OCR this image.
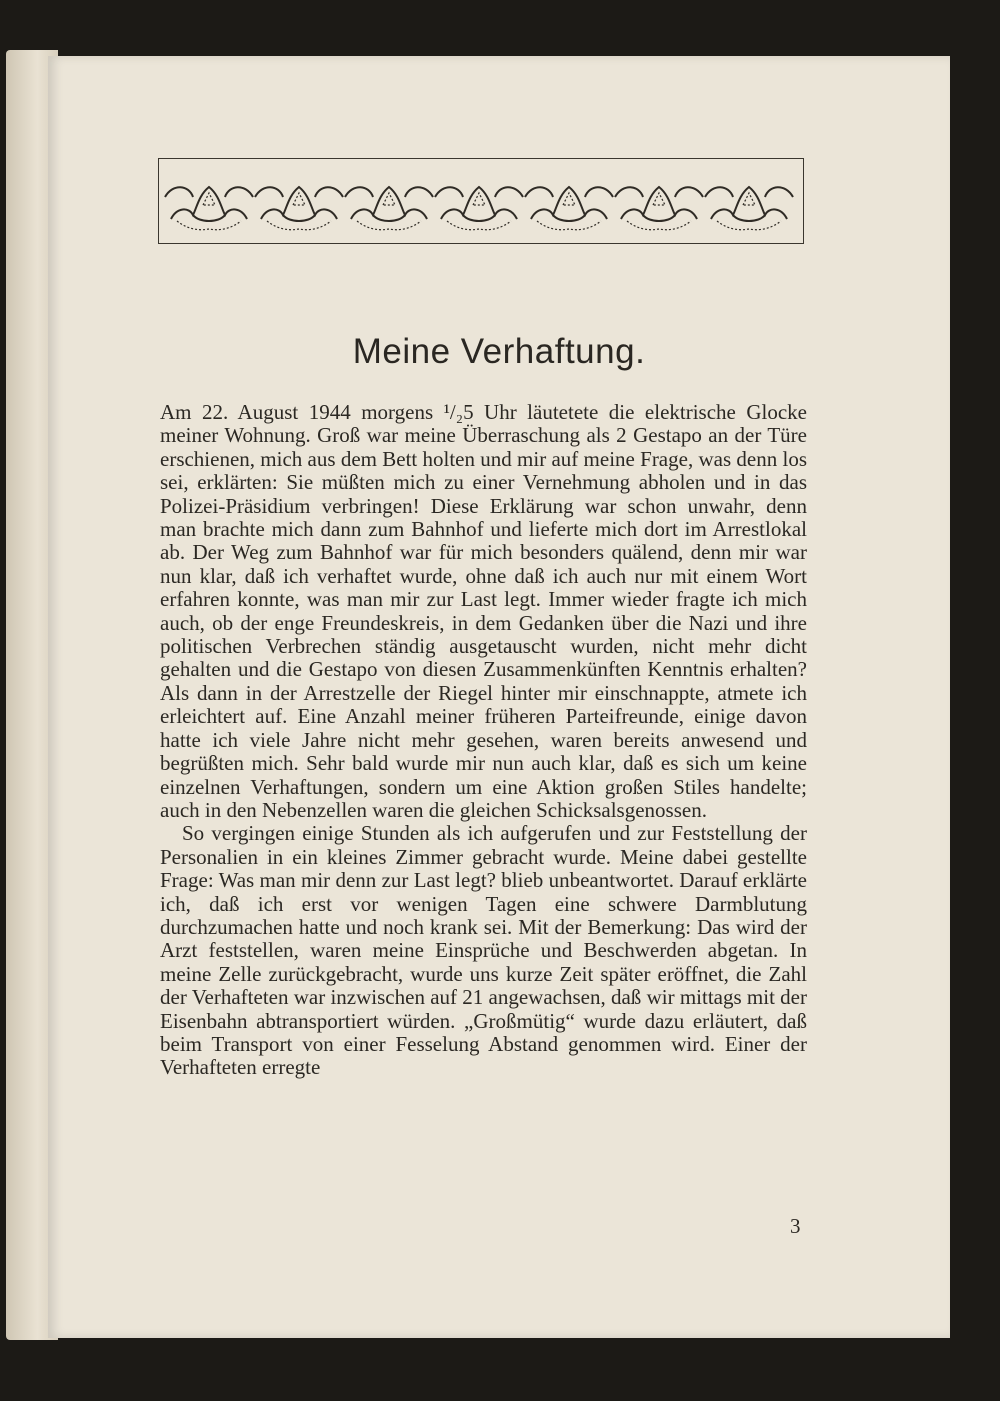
Meine Verhaftung.

Am 22. August 1944 morgens ¹/₂5 Uhr läutetete die elektrische Glocke meiner Wohnung. Groß war meine Überraschung als 2 Gestapo an der Türe erschienen, mich aus dem Bett holten und mir auf meine Frage, was denn los sei, erklärten: Sie müßten mich zu einer Vernehmung abholen und in das Polizei-Präsidium verbringen! Diese Erklärung war schon unwahr, denn man brachte mich dann zum Bahnhof und lieferte mich dort im Arrestlokal ab. Der Weg zum Bahnhof war für mich besonders quälend, denn mir war nun klar, daß ich verhaftet wurde, ohne daß ich auch nur mit einem Wort erfahren konnte, was man mir zur Last legt. Immer wieder fragte ich mich auch, ob der enge Freundeskreis, in dem Gedanken über die Nazi und ihre politischen Verbrechen ständig ausgetauscht wurden, nicht mehr dicht gehalten und die Gestapo von diesen Zusammenkünften Kenntnis erhalten? Als dann in der Arrestzelle der Riegel hinter mir einschnappte, atmete ich erleichtert auf. Eine Anzahl meiner früheren Parteifreunde, einige davon hatte ich viele Jahre nicht mehr gesehen, waren bereits anwesend und begrüßten mich. Sehr bald wurde mir nun auch klar, daß es sich um keine einzelnen Verhaftungen, sondern um eine Aktion großen Stiles handelte; auch in den Nebenzellen waren die gleichen Schicksalsgenossen.

So vergingen einige Stunden als ich aufgerufen und zur Feststellung der Personalien in ein kleines Zimmer gebracht wurde. Meine dabei gestellte Frage: Was man mir denn zur Last legt? blieb unbeantwortet. Darauf erklärte ich, daß ich erst vor wenigen Tagen eine schwere Darmblutung durchzumachen hatte und noch krank sei. Mit der Bemerkung: Das wird der Arzt feststellen, waren meine Einsprüche und Beschwerden abgetan. In meine Zelle zurückgebracht, wurde uns kurze Zeit später eröffnet, die Zahl der Verhafteten war inzwischen auf 21 angewachsen, daß wir mittags mit der Eisenbahn abtransportiert würden. „Großmütig“ wurde dazu erläutert, daß beim Transport von einer Fesselung Abstand genommen wird. Einer der Verhafteten erregte

3
